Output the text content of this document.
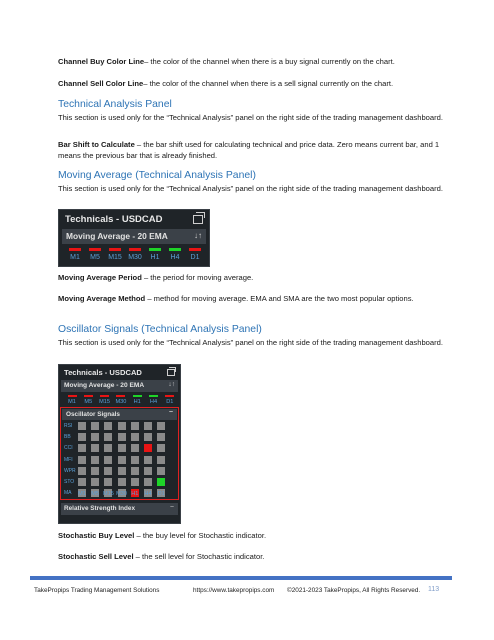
Channel Buy Color Line– the color of the channel when there is a buy signal currently on the chart.

Channel Sell Color Line– the color of the channel when there is a sell signal currently on the chart.

Technical Analysis Panel

This section is used only for the “Technical Analysis” panel on the right side of the trading management dashboard.

Bar Shift to Calculate – the bar shift used for calculating technical and price data. Zero means current bar, and 1 means the previous bar that is already finished.

Moving Average (Technical Analysis Panel)

This section is used only for the “Technical Analysis” panel on the right side of the trading management dashboard.

Technicals - USDCAD
Moving Average - 20 EMA	↓↑
M1	M5	M15 M30	H1	H4	D1

Moving Average Period – the period for moving average.

Moving Average Method – method for moving average. EMA and SMA are the two most popular options.

Oscillator Signals (Technical Analysis Panel)

This section is used only for the “Technical Analysis” panel on the right side of the trading management dashboard.

Technicals - USDCAD
Moving Average - 20 EMA	↓↑
M1	M5	M15 M30	H1	H4	D1
Oscillator Signals	−
RSI
BB
CCI
MFI
WPR
STO
MA	M1 M5 M15 M30 H1	H4	D1
Relative Strength Index	−

Stochastic Buy Level – the buy level for Stochastic indicator.

Stochastic Sell Level – the sell level for Stochastic indicator.

TakePropips Trading Management Solutions	https://www.takepropips.com ©2021-2023 TakePropips, All Rights Reserved. 113
